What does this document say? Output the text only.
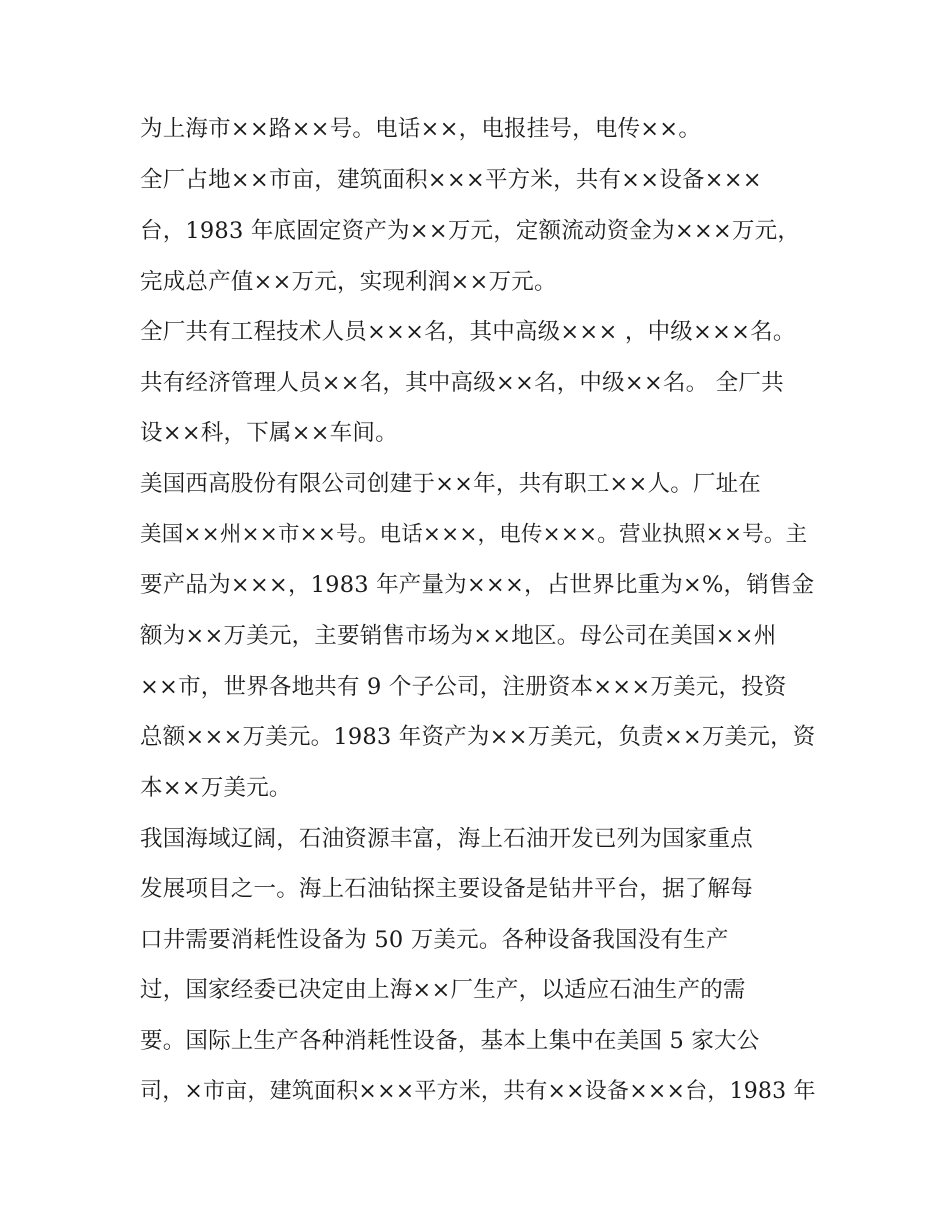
为上海市××路××号。电话××，电报挂号，电传××。
全厂占地××市亩，建筑面积×××平方米，共有××设备×××
台，1983 年底固定资产为××万元，定额流动资金为×××万元，
完成总产值××万元，实现利润××万元。
全厂共有工程技术人员×××名，其中高级××× ，中级×××名。
共有经济管理人员××名，其中高级××名，中级××名。 全厂共
设××科，下属××车间。
美国西高股份有限公司创建于××年，共有职工××人。厂址在
美国××州××市××号。电话×××，电传×××。营业执照××号。主
要产品为×××，1983 年产量为×××，占世界比重为×%，销售金
额为××万美元，主要销售市场为××地区。母公司在美国××州
××市，世界各地共有 9 个子公司，注册资本×××万美元，投资
总额×××万美元。1983 年资产为××万美元，负责××万美元，资
本××万美元。
我国海域辽阔，石油资源丰富，海上石油开发已列为国家重点
发展项目之一。海上石油钻探主要设备是钻井平台，据了解每
口井需要消耗性设备为 50 万美元。各种设备我国没有生产
过，国家经委已决定由上海××厂生产，以适应石油生产的需
要。国际上生产各种消耗性设备，基本上集中在美国 5 家大公
司，×市亩，建筑面积×××平方米，共有××设备×××台，1983 年
